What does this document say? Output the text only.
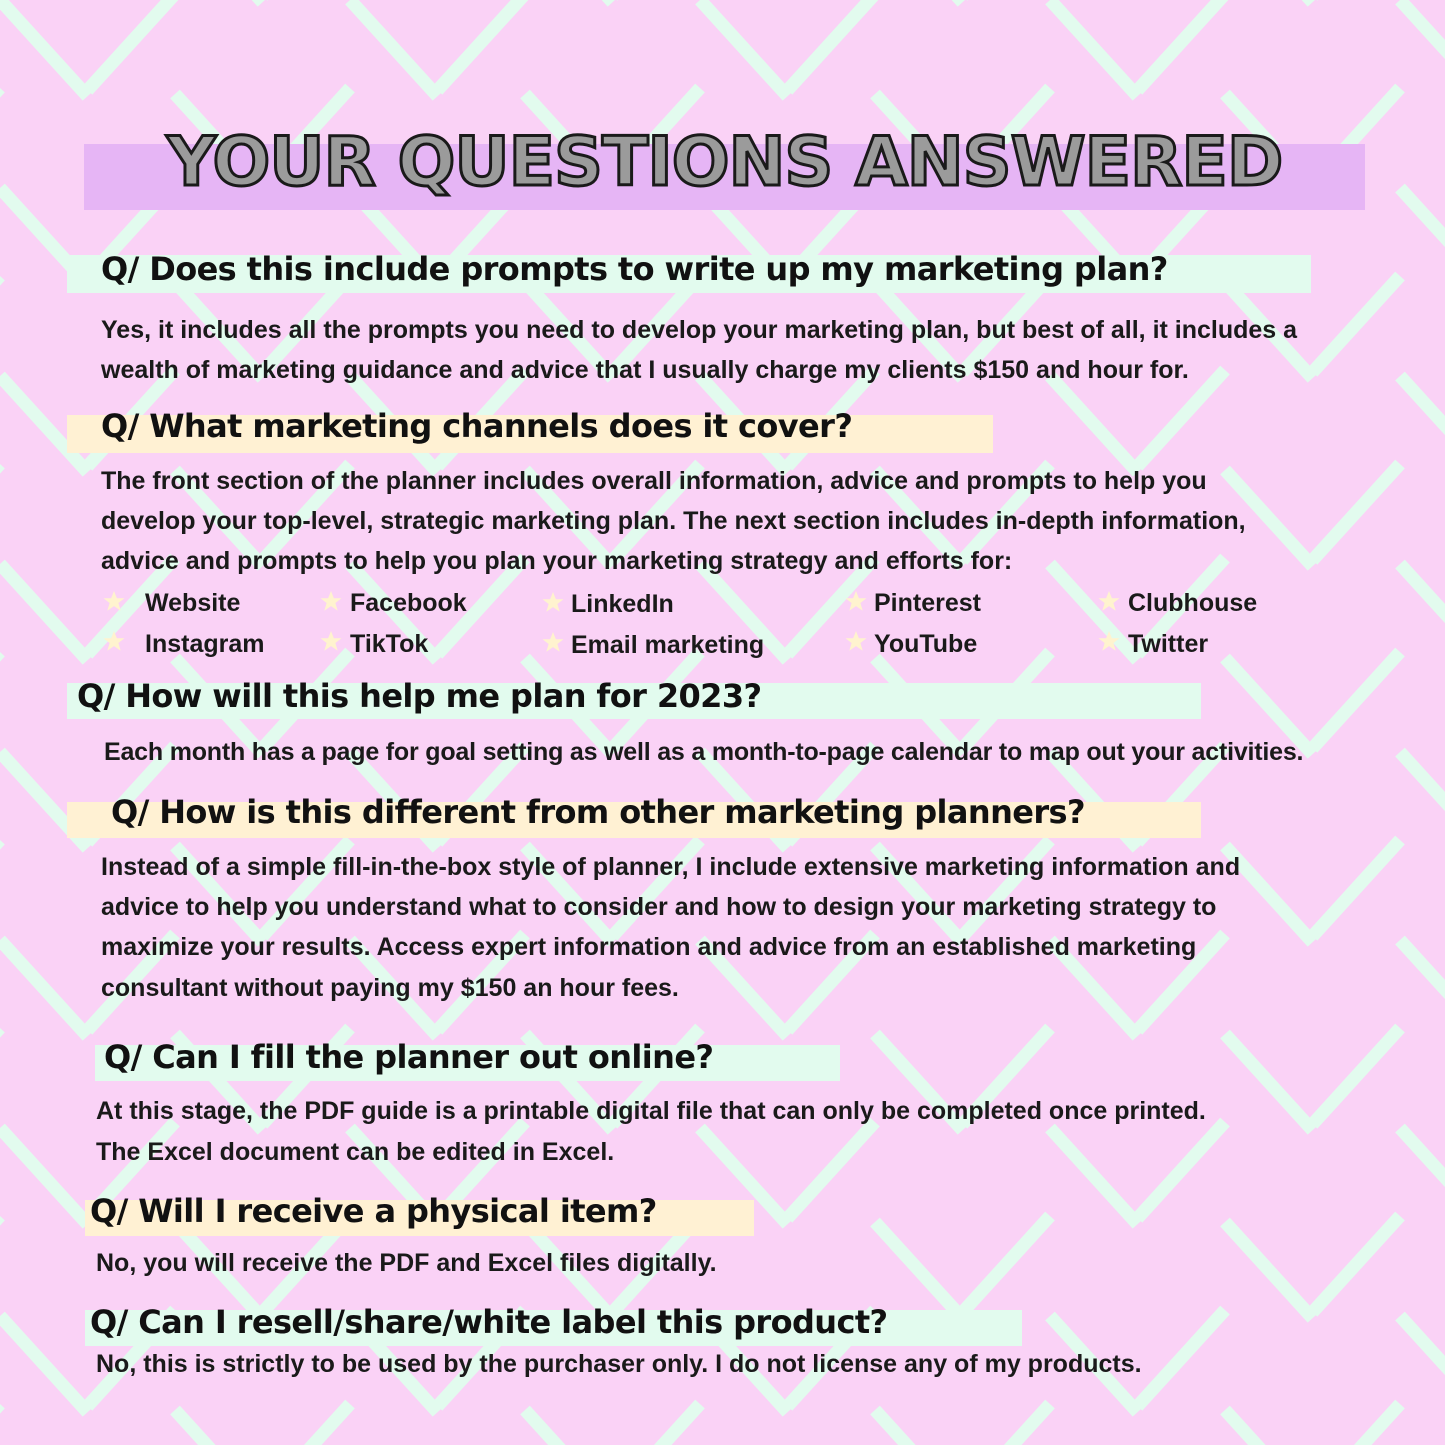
YOUR QUESTIONS ANSWERED
Q/ Does this include prompts to write up my marketing plan?
Yes, it includes all the prompts you need to develop your marketing plan, but best of all, it includes a
wealth of marketing guidance and advice that I usually charge my clients $150 and hour for.
Q/ What marketing channels does it cover?
The front section of the planner includes overall information, advice and prompts to help you
develop your top-level, strategic marketing plan. The next section includes in-depth information,
advice and prompts to help you plan your marketing strategy and efforts for:
Website	Facebook	LinkedIn	Pinterest	Clubhouse
Instagram	TikTok	Email marketing	YouTube	Twitter
Q/ How will this help me plan for 2023?
Each month has a page for goal setting as well as a month-to-page calendar to map out your activities.
Q/ How is this different from other marketing planners?
Instead of a simple fill-in-the-box style of planner, I include extensive marketing information and
advice to help you understand what to consider and how to design your marketing strategy to
maximize your results. Access expert information and advice from an established marketing
consultant without paying my $150 an hour fees.
Q/ Can I fill the planner out online?
At this stage, the PDF guide is a printable digital file that can only be completed once printed.
The Excel document can be edited in Excel.
Q/ Will I receive a physical item?
No, you will receive the PDF and Excel files digitally.
Q/ Can I resell/share/white label this product?
No, this is strictly to be used by the purchaser only. I do not license any of my products.
